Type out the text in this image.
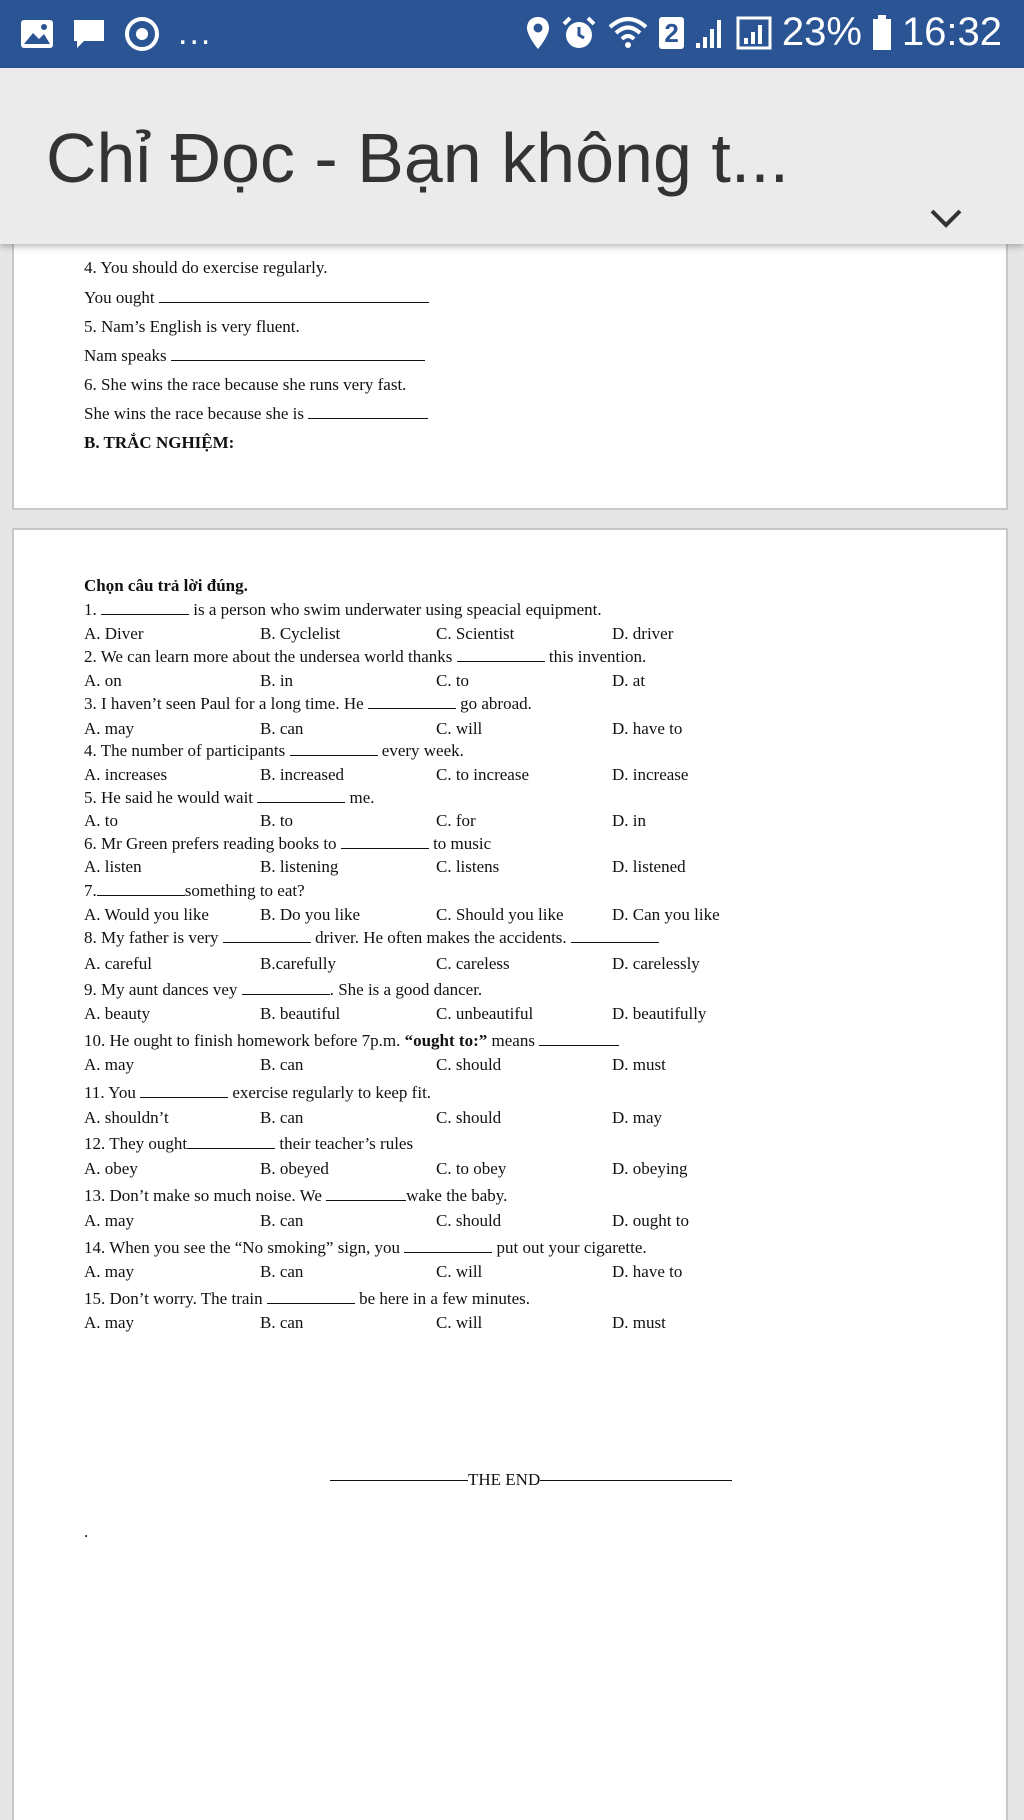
...	2	23% 16:32
Chỉ Đọc - Bạn không t...
4. You should do exercise regularly.
You ought
5. Nam’s English is very fluent.
Nam speaks
6. She wins the race because she runs very fast.
She wins the race because she is
B. TRẮC NGHIỆM:
Chọn câu trả lời đúng.
1.	is a person who swim underwater using speacial equipment.
A. Diver	B. Cyclelist	C. Scientist	D. driver
2. We can learn more about the undersea world thanks	this invention.
A. on	B. in	C. to	D. at
3. I haven’t seen Paul for a long time. He	go abroad.
A. may	B. can	C. will	D. have to
4. The number of participants	every week.
A. increases	B. increased	C. to increase	D. increase
5. He said he would wait	me.
A. to	B. to	C. for	D. in
6. Mr Green prefers reading books to	to music
A. listen	B. listening	C. listens	D. listened
7.	something to eat?
A. Would you like	B. Do you like	C. Should you like	D. Can you like
8. My father is very	driver. He often makes the accidents.
A. careful	B.carefully	C. careless	D. carelessly
9. My aunt dances vey	. She is a good dancer.
A. beauty	B. beautiful	C. unbeautiful	D. beautifully
10. He ought to finish homework before 7p.m. “ought to:” means
A. may	B. can	C. should	D. must
11. You	exercise regularly to keep fit.
A. shouldn’t	B. can	C. should	D. may
12. They ought	their teacher’s rules
A. obey	B. obeyed	C. to obey	D. obeying
13. Don’t make so much noise. We	wake the baby.
A. may	B. can	C. should	D. ought to
14. When you see the “No smoking” sign, you	put out your cigarette.
A. may	B. can	C. will	D. have to
15. Don’t worry. The train	be here in a few minutes.
A. may	B. can	C. will	D. must
THE END
.
